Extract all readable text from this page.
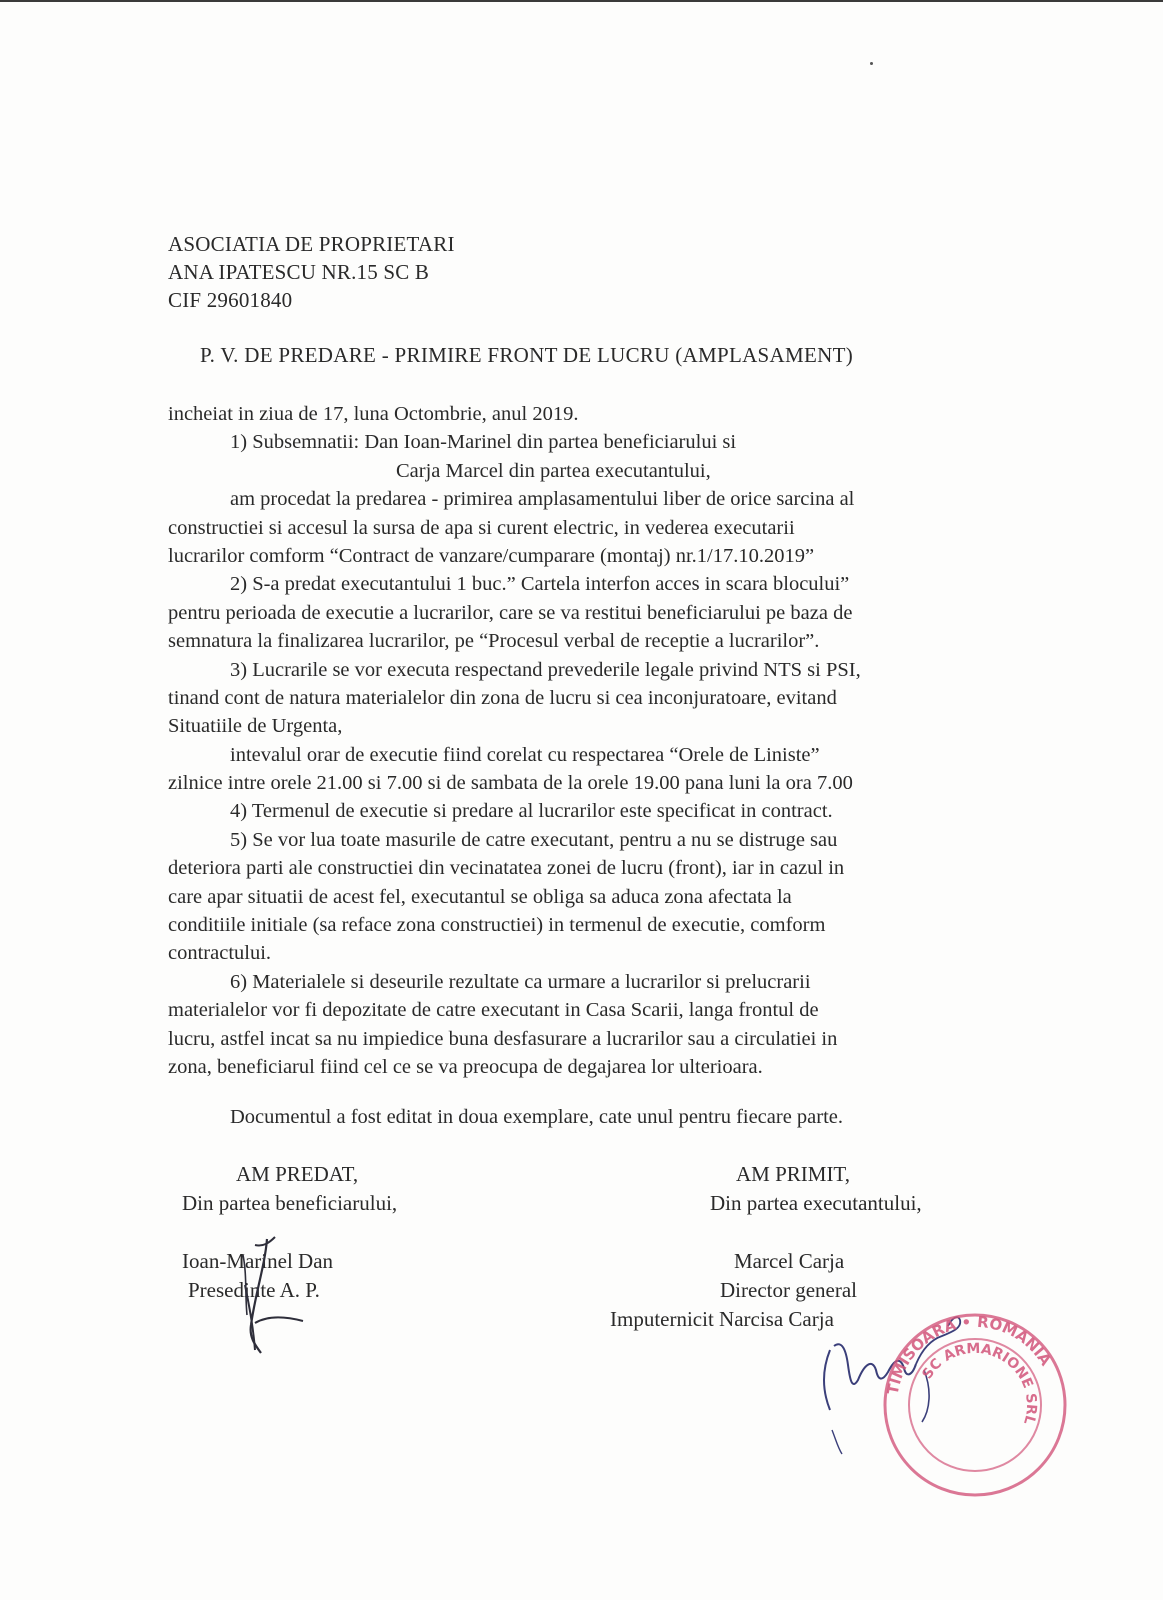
ASOCIATIA DE PROPRIETARI
ANA IPATESCU NR.15 SC B
CIF 29601840
P. V. DE PREDARE - PRIMIRE FRONT DE LUCRU (AMPLASAMENT)
incheiat in ziua de 17, luna Octombrie, anul 2019.
1) Subsemnatii: Dan Ioan-Marinel din partea beneficiarului si
Carja Marcel din partea executantului,
am procedat la predarea - primirea amplasamentului liber de orice sarcina al
constructiei si accesul la sursa de apa si curent electric, in vederea executarii
lucrarilor comform “Contract de vanzare/cumparare (montaj) nr.1/17.10.2019”
2) S-a predat executantului 1 buc.” Cartela interfon acces in scara blocului”
pentru perioada de executie a lucrarilor, care se va restitui beneficiarului pe baza de
semnatura la finalizarea lucrarilor, pe “Procesul verbal de receptie a lucrarilor”.
3) Lucrarile se vor executa respectand prevederile legale privind NTS si PSI,
tinand cont de natura materialelor din zona de lucru si cea inconjuratoare, evitand
Situatiile de Urgenta,
intevalul orar de executie fiind corelat cu respectarea “Orele de Liniste”
zilnice intre orele 21.00 si 7.00 si de sambata de la orele 19.00 pana luni la ora 7.00
4) Termenul de executie si predare al lucrarilor este specificat in contract.
5) Se vor lua toate masurile de catre executant, pentru a nu se distruge sau
deteriora parti ale constructiei din vecinatatea zonei de lucru (front), iar in cazul in
care apar situatii de acest fel, executantul se obliga sa aduca zona afectata la
conditiile initiale (sa reface zona constructiei) in termenul de executie, comform
contractului.
6) Materialele si deseurile rezultate ca urmare a lucrarilor si prelucrarii
materialelor vor fi depozitate de catre executant in Casa Scarii, langa frontul de
lucru, astfel incat sa nu impiedice buna desfasurare a lucrarilor sau a circulatiei in
zona, beneficiarul fiind cel ce se va preocupa de degajarea lor ulterioara.
Documentul a fost editat in doua exemplare, cate unul pentru fiecare parte.
AM PREDAT,
Din partea beneficiarului,
Ioan-Marinel Dan
Presedinte A. P.
AM PRIMIT,
Din partea executantului,
Marcel Carja
Director general
Imputernicit Narcisa Carja
TIMISOARA • ROMANIA
SC ARMARIONE SRL
